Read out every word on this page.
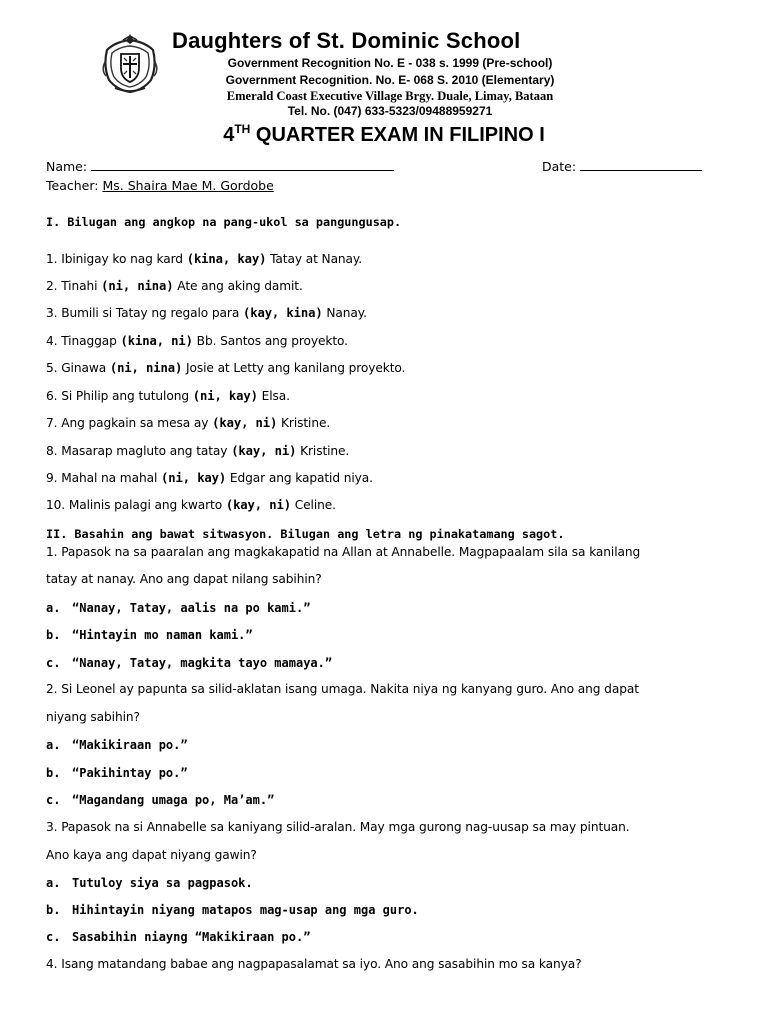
Daughters of St. Dominic School
Government Recognition No. E - 038 s. 1999 (Pre-school)
Government Recognition. No. E- 068 S. 2010 (Elementary)
Emerald Coast Executive Village Brgy. Duale, Limay, Bataan
Tel. No. (047) 633-5323/09488959271
4TH QUARTER EXAM IN FILIPINO I
Name:	Date:
Teacher: Ms. Shaira Mae M. Gordobe
I. Bilugan ang angkop na pang-ukol sa pangungusap.
1. Ibinigay ko nag kard (kina, kay) Tatay at Nanay.
2. Tinahi (ni, nina) Ate ang aking damit.
3. Bumili si Tatay ng regalo para (kay, kina) Nanay.
4. Tinaggap (kina, ni) Bb. Santos ang proyekto.
5. Ginawa (ni, nina) Josie at Letty ang kanilang proyekto.
6. Si Philip ang tutulong (ni, kay) Elsa.
7. Ang pagkain sa mesa ay (kay, ni) Kristine.
8. Masarap magluto ang tatay (kay, ni) Kristine.
9. Mahal na mahal (ni, kay) Edgar ang kapatid niya.
10. Malinis palagi ang kwarto (kay, ni) Celine.
II. Basahin ang bawat sitwasyon. Bilugan ang letra ng pinakatamang sagot.
1. Papasok na sa paaralan ang magkakapatid na Allan at Annabelle. Magpapaalam sila sa kanilang
tatay at nanay. Ano ang dapat nilang sabihin?
a. “Nanay, Tatay, aalis na po kami.”
b. “Hintayin mo naman kami.”
c. “Nanay, Tatay, magkita tayo mamaya.”
2. Si Leonel ay papunta sa silid-aklatan isang umaga. Nakita niya ng kanyang guro. Ano ang dapat
niyang sabihin?
a. “Makikiraan po.”
b. “Pakihintay po.”
c. “Magandang umaga po, Ma’am.”
3. Papasok na si Annabelle sa kaniyang silid-aralan. May mga gurong nag-uusap sa may pintuan.
Ano kaya ang dapat niyang gawin?
a. Tutuloy siya sa pagpasok.
b. Hihintayin niyang matapos mag-usap ang mga guro.
c. Sasabihin niayng “Makikiraan po.”
4. Isang matandang babae ang nagpapasalamat sa iyo. Ano ang sasabihin mo sa kanya?
